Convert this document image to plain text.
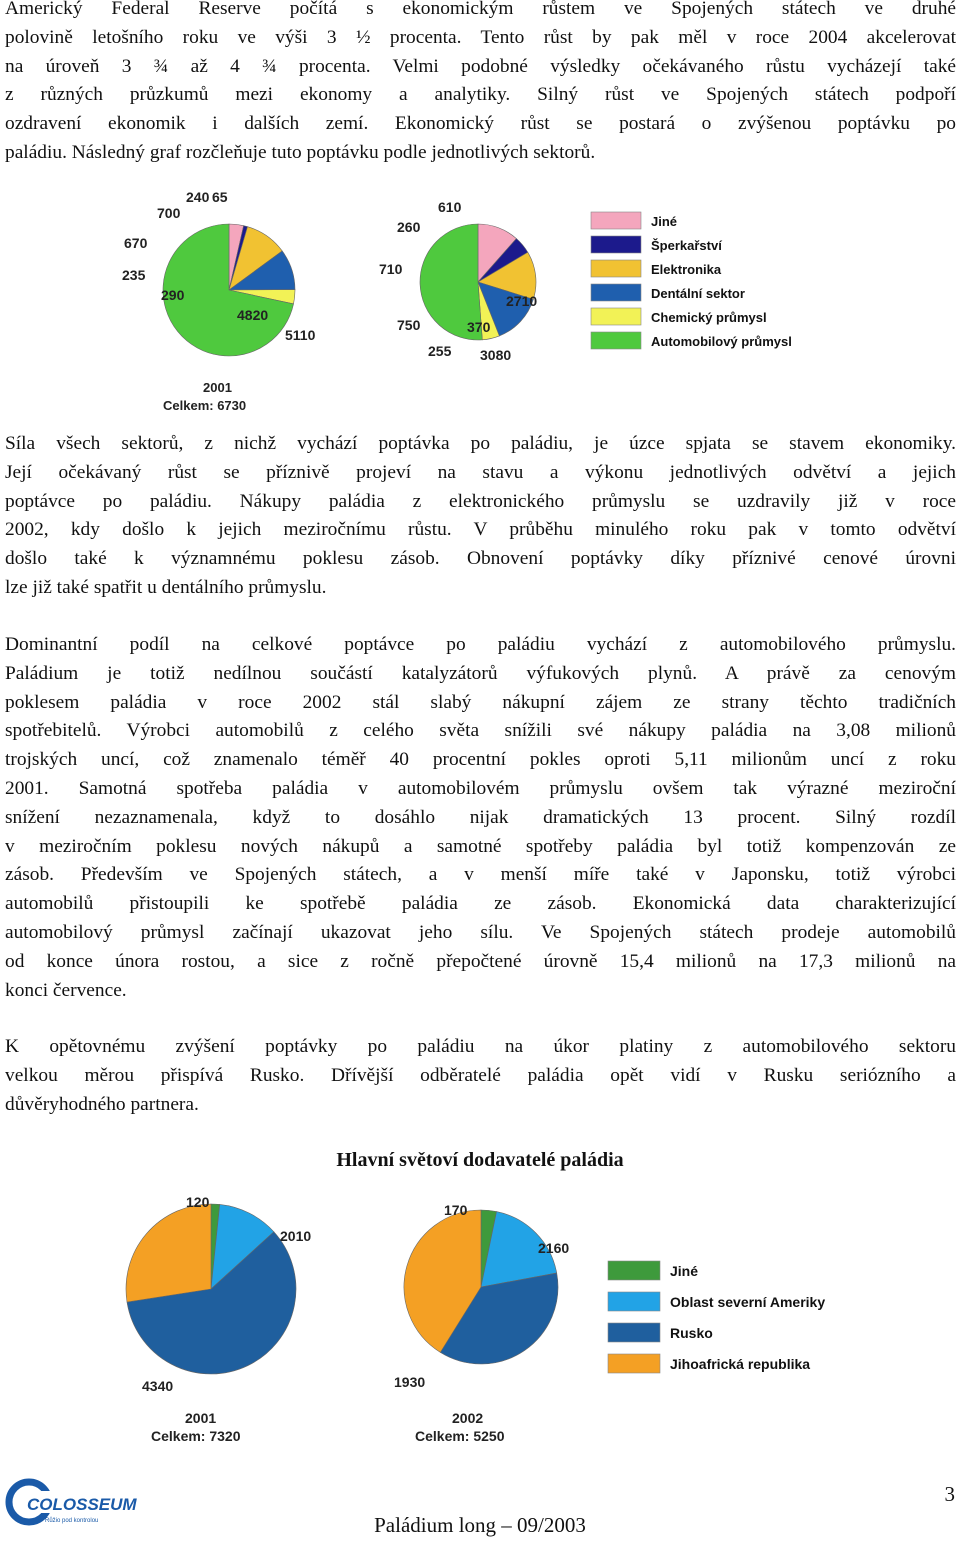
Americký Federal Reserve počítá s ekonomickým růstem ve Spojených státech ve druhé
polovině letošního roku ve výši 3 ½ procenta. Tento růst by pak měl v roce 2004 akcelerovat
na úroveň 3 ¾ až 4 ¾ procenta. Velmi podobné výsledky očekávaného růstu vycházejí také
z různých průzkumů mezi ekonomy a analytiky. Silný růst ve Spojených státech podpoří
ozdravení ekonomik i dalších zemí. Ekonomický růst se postará o zvýšenou poptávku po
paládiu. Následný graf rozčleňuje tuto poptávku podle jednotlivých sektorů.
240 65
700
670
235
4820
290
5110
610
260
710
750
255
2710
370
3080
2001
Celkem: 6730
Jiné
Šperkařství
Elektronika
Dentální sektor
Chemický průmysl
Automobilový průmysl
Síla všech sektorů, z nichž vychází poptávka po paládiu, je úzce spjata se stavem ekonomiky.
Její očekávaný růst se příznivě projeví na stavu a výkonu jednotlivých odvětví a jejich
poptávce po paládiu. Nákupy paládia z elektronického průmyslu se uzdravily již v roce
2002, kdy došlo k jejich meziročnímu růstu. V průběhu minulého roku pak v tomto odvětví
došlo také k významnému poklesu zásob. Obnovení poptávky díky příznivé cenové úrovni
lze již také spatřit u dentálního průmyslu.
Dominantní podíl na celkové poptávce po paládiu vychází z automobilového průmyslu.
Paládium je totiž nedílnou součástí katalyzátorů výfukových plynů. A právě za cenovým
poklesem paládia v roce 2002 stál slabý nákupní zájem ze strany těchto tradičních
spotřebitelů. Výrobci automobilů z celého světa snížili své nákupy paládia na 3,08 milionů
trojských uncí, což znamenalo téměř 40 procentní pokles oproti 5,11 milionům uncí z roku
2001. Samotná spotřeba paládia v automobilovém průmyslu ovšem tak výrazné meziroční
snížení nezaznamenala, když to dosáhlo nijak dramatických 13 procent. Silný rozdíl
v meziročním poklesu nových nákupů a samotné spotřeby paládia byl totiž kompenzován ze
zásob. Především ve Spojených státech, a v menší míře také v Japonsku, totiž výrobci
automobilů přistoupili ke spotřebě paládia ze zásob. Ekonomická data charakterizující
automobilový průmysl začínají ukazovat jeho sílu. Ve Spojených státech prodeje automobilů
od konce února rostou, a sice z ročně přepočtené úrovně 15,4 milionů na 17,3 milionů na
konci července.
K opětovnému zvýšení poptávky po paládiu na úkor platiny z automobilového sektoru
velkou měrou přispívá Rusko. Dřívější odběratelé paládia opět vidí v Rusku seriózního a
důvěryhodného partnera.
Hlavní světoví dodavatelé paládia
120
4340
2010
170
1930
2160
2001
Celkem: 7320
2002
Celkem: 5250
Jiné
Oblast severní Ameriky
Rusko
Jihoafrická republika
COLOSSEUM
Růžio pod kontrolou
3
Paládium long – 09/2003
